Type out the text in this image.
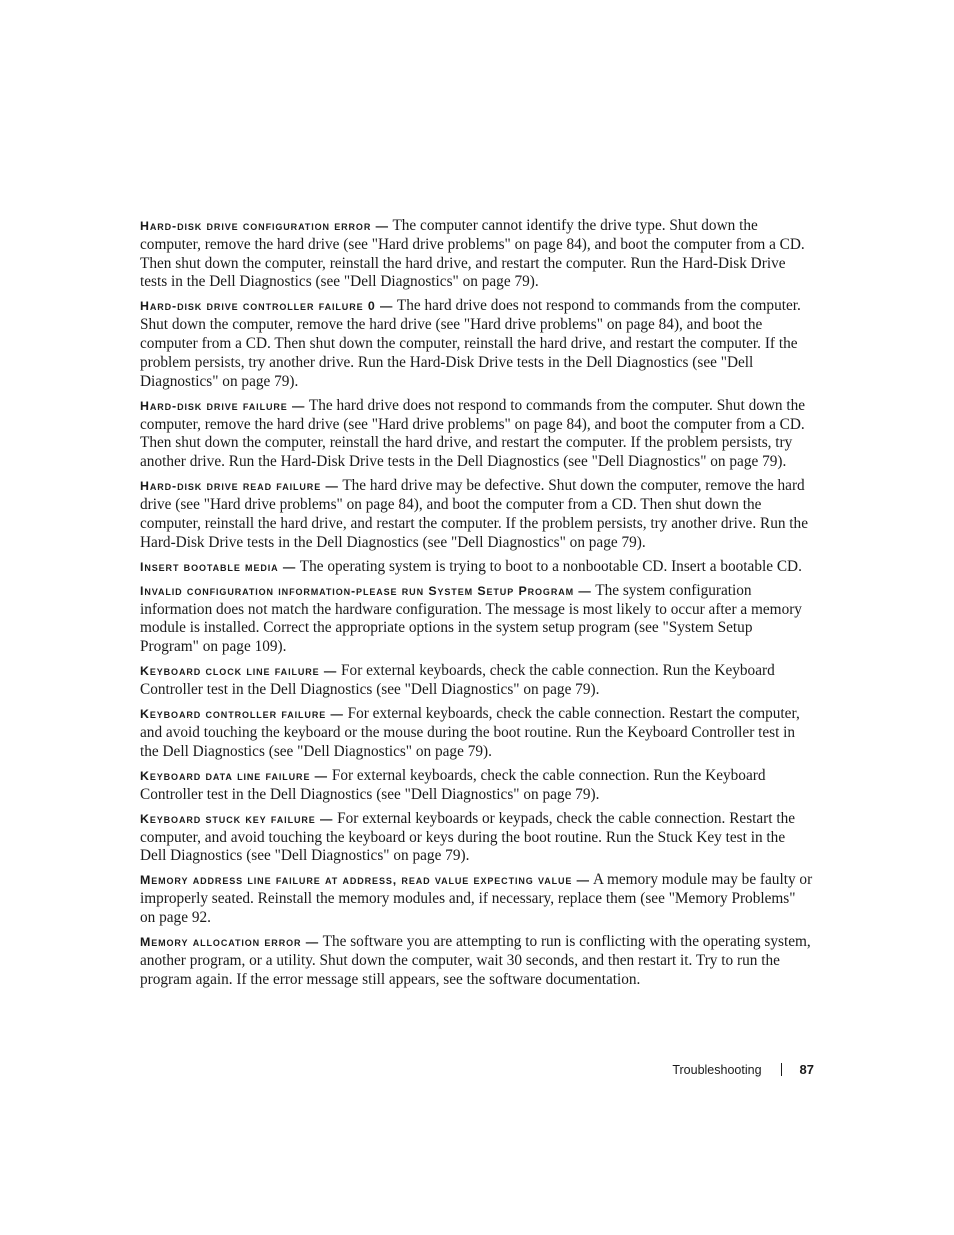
Hard-disk drive configuration error — The computer cannot identify the drive type. Shut down the computer, remove the hard drive (see "Hard drive problems" on page 84), and boot the computer from a CD. Then shut down the computer, reinstall the hard drive, and restart the computer. Run the Hard-Disk Drive tests in the Dell Diagnostics (see "Dell Diagnostics" on page 79).

Hard-disk drive controller failure 0 — The hard drive does not respond to commands from the computer. Shut down the computer, remove the hard drive (see "Hard drive problems" on page 84), and boot the computer from a CD. Then shut down the computer, reinstall the hard drive, and restart the computer. If the problem persists, try another drive. Run the Hard-Disk Drive tests in the Dell Diagnostics (see "Dell Diagnostics" on page 79).

Hard-disk drive failure — The hard drive does not respond to commands from the computer. Shut down the computer, remove the hard drive (see "Hard drive problems" on page 84), and boot the computer from a CD. Then shut down the computer, reinstall the hard drive, and restart the computer. If the problem persists, try another drive. Run the Hard-Disk Drive tests in the Dell Diagnostics (see "Dell Diagnostics" on page 79).

Hard-disk drive read failure — The hard drive may be defective. Shut down the computer, remove the hard drive (see "Hard drive problems" on page 84), and boot the computer from a CD. Then shut down the computer, reinstall the hard drive, and restart the computer. If the problem persists, try another drive. Run the Hard-Disk Drive tests in the Dell Diagnostics (see "Dell Diagnostics" on page 79).

Insert bootable media — The operating system is trying to boot to a nonbootable CD. Insert a bootable CD.

Invalid configuration information-please run System Setup Program — The system configuration information does not match the hardware configuration. The message is most likely to occur after a memory module is installed. Correct the appropriate options in the system setup program (see "System Setup Program" on page 109).

Keyboard clock line failure — For external keyboards, check the cable connection. Run the Keyboard Controller test in the Dell Diagnostics (see "Dell Diagnostics" on page 79).

Keyboard controller failure — For external keyboards, check the cable connection. Restart the computer, and avoid touching the keyboard or the mouse during the boot routine. Run the Keyboard Controller test in the Dell Diagnostics (see "Dell Diagnostics" on page 79).

Keyboard data line failure — For external keyboards, check the cable connection. Run the Keyboard Controller test in the Dell Diagnostics (see "Dell Diagnostics" on page 79).

Keyboard stuck key failure — For external keyboards or keypads, check the cable connection. Restart the computer, and avoid touching the keyboard or keys during the boot routine. Run the Stuck Key test in the Dell Diagnostics (see "Dell Diagnostics" on page 79).

Memory address line failure at address, read value expecting value — A memory module may be faulty or improperly seated. Reinstall the memory modules and, if necessary, replace them (see "Memory Problems" on page 92.

Memory allocation error — The software you are attempting to run is conflicting with the operating system, another program, or a utility. Shut down the computer, wait 30 seconds, and then restart it. Try to run the program again. If the error message still appears, see the software documentation.

Troubleshooting	87
